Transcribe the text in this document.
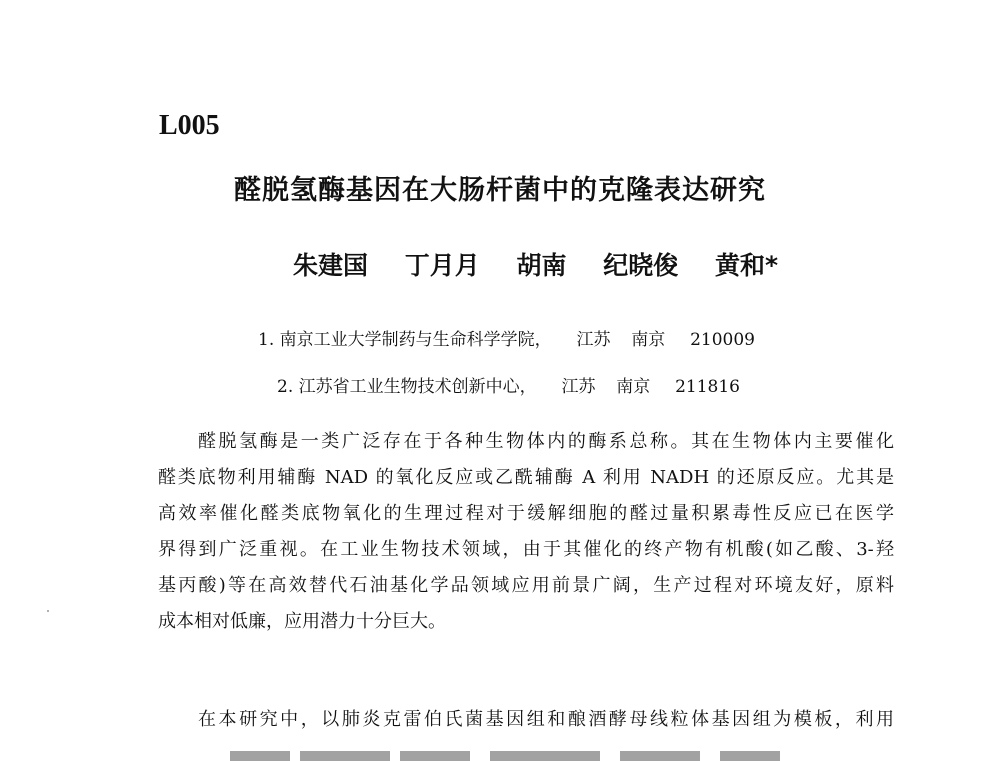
L005
醛脱氢酶基因在大肠杆菌中的克隆表达研究
朱建国 丁月月 胡南 纪晓俊 黄和*
1. 南京工业大学制药与生命科学学院， 江苏 南京 210009
2. 江苏省工业生物技术创新中心， 江苏 南京 211816
醛脱氢酶是一类广泛存在于各种生物体内的酶系总称。其在生物体内主要催化
醛类底物利用辅酶 NAD 的氧化反应或乙酰辅酶 A 利用 NADH 的还原反应。尤其是
高效率催化醛类底物氧化的生理过程对于缓解细胞的醛过量积累毒性反应已在医学
界得到广泛重视。在工业生物技术领域，由于其催化的终产物有机酸(如乙酸、3-羟
基丙酸)等在高效替代石油基化学品领域应用前景广阔，生产过程对环境友好，原料
成本相对低廉，应用潜力十分巨大。
在本研究中，以肺炎克雷伯氏菌基因组和酿酒酵母线粒体基因组为模板，利用
